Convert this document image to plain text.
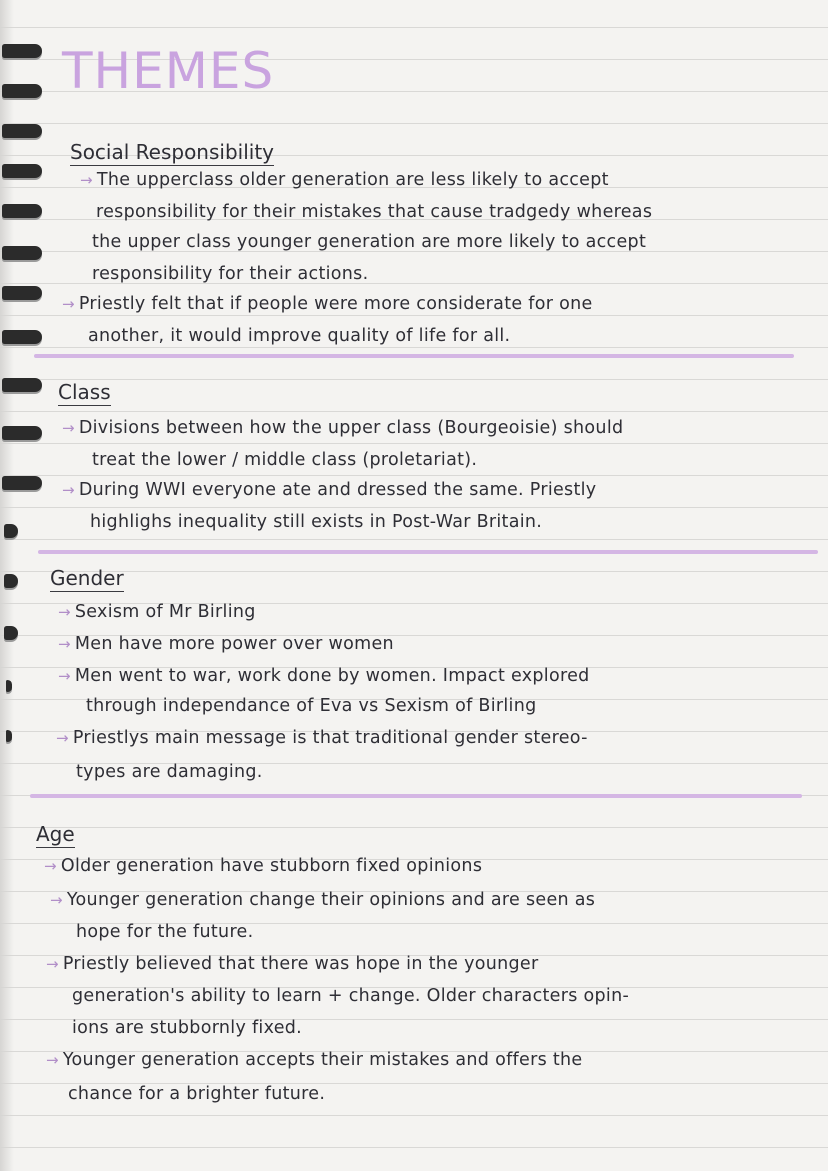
THEMES
Social Responsibility
→ The upperclass older generation are less likely to accept
responsibility for their mistakes that cause tradgedy whereas
the upper class younger generation are more likely to accept
responsibility for their actions.
→ Priestly felt that if people were more considerate for one
another, it would improve quality of life for all.
Class
→ Divisions between how the upper class (Bourgeoisie) should
treat the lower / middle class (proletariat).
→ During WWI everyone ate and dressed the same. Priestly
highlighs inequality still exists in Post-War Britain.
Gender
→ Sexism of Mr Birling
→ Men have more power over women
→ Men went to war, work done by women. Impact explored
through independance of Eva vs Sexism of Birling
→ Priestlys main message is that traditional gender stereo-
types are damaging.
Age
→ Older generation have stubborn fixed opinions
→ Younger generation change their opinions and are seen as
hope for the future.
→ Priestly believed that there was hope in the younger
generation's ability to learn + change. Older characters opin-
ions are stubbornly fixed.
→ Younger generation accepts their mistakes and offers the
chance for a brighter future.
